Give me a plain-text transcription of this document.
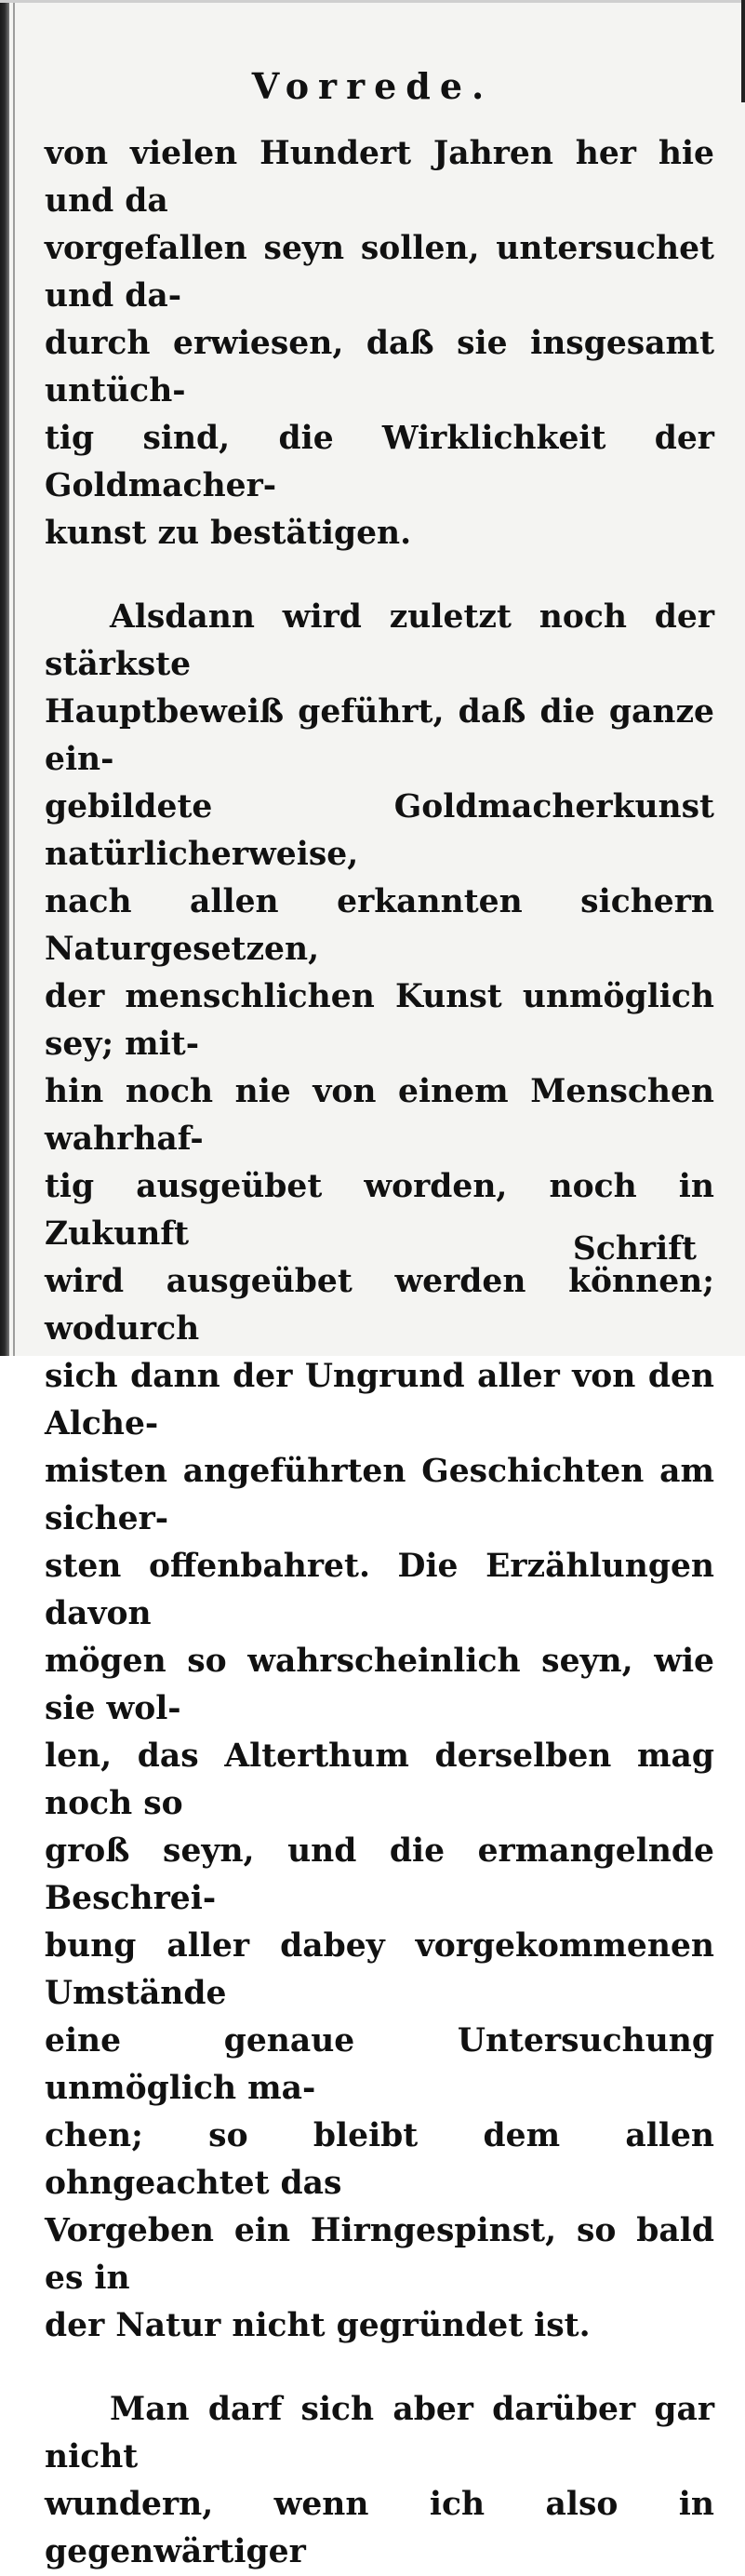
Vorrede.

von vielen Hundert Jahren her hie und da
vorgefallen seyn sollen, untersuchet und da-
durch erwiesen, daß sie insgesamt untüch-
tig sind, die Wirklichkeit der Goldmacher-
kunst zu bestätigen.

Alsdann wird zuletzt noch der stärkste
Hauptbeweiß geführt, daß die ganze ein-
gebildete Goldmacherkunst natürlicherweise,
nach allen erkannten sichern Naturgesetzen,
der menschlichen Kunst unmöglich sey; mit-
hin noch nie von einem Menschen wahrhaf-
tig ausgeübet worden, noch in Zukunft
wird ausgeübet werden können; wodurch
sich dann der Ungrund aller von den Alche-
misten angeführten Geschichten am sicher-
sten offenbahret. Die Erzählungen davon
mögen so wahrscheinlich seyn, wie sie wol-
len, das Alterthum derselben mag noch so
groß seyn, und die ermangelnde Beschrei-
bung aller dabey vorgekommenen Umstände
eine genaue Untersuchung unmöglich ma-
chen; so bleibt dem allen ohngeachtet das
Vorgeben ein Hirngespinst, so bald es in
der Natur nicht gegründet ist.

Man darf sich aber darüber gar nicht
wundern, wenn ich also in gegenwärtiger

Schrift
